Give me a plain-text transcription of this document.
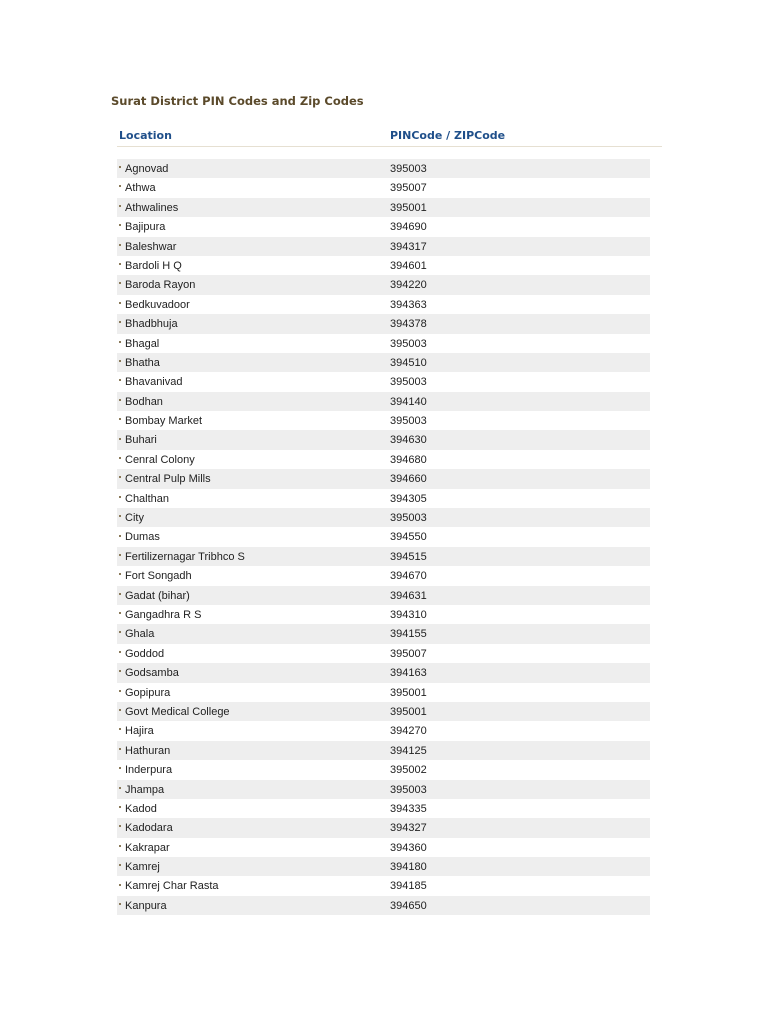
Surat District PIN Codes and Zip Codes
Location	PINCode / ZIPCode
Agnovad	395003
Athwa	395007
Athwalines	395001
Bajipura	394690
Baleshwar	394317
Bardoli H Q	394601
Baroda Rayon	394220
Bedkuvadoor	394363
Bhadbhuja	394378
Bhagal	395003
Bhatha	394510
Bhavanivad	395003
Bodhan	394140
Bombay Market	395003
Buhari	394630
Cenral Colony	394680
Central Pulp Mills	394660
Chalthan	394305
City	395003
Dumas	394550
Fertilizernagar Tribhco S	394515
Fort Songadh	394670
Gadat (bihar)	394631
Gangadhra R S	394310
Ghala	394155
Goddod	395007
Godsamba	394163
Gopipura	395001
Govt Medical College	395001
Hajira	394270
Hathuran	394125
Inderpura	395002
Jhampa	395003
Kadod	394335
Kadodara	394327
Kakrapar	394360
Kamrej	394180
Kamrej Char Rasta	394185
Kanpura	394650
